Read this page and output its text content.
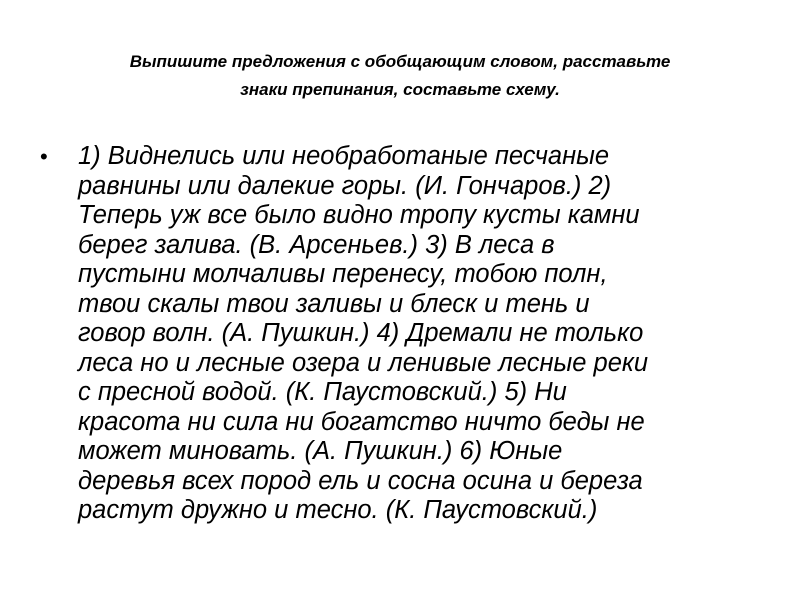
Выпишите предложения с обобщающим словом, расставьте
знаки препинания, составьте схему.
• 1) Виднелись или необработаные песчаные
равнины или далекие горы. (И. Гончаров.) 2)
Теперь уж все было видно тропу кусты камни
берег залива. (В. Арсеньев.) 3) В леса в
пустыни молчаливы перенесу, тобою полн,
твои скалы твои заливы и блеск и тень и
говор волн. (А. Пушкин.) 4) Дремали не только
леса но и лесные озера и ленивые лесные реки
с пресной водой. (К. Паустовский.) 5) Ни
красота ни сила ни богатство ничто беды не
может миновать. (А. Пушкин.) 6) Юные
деревья всех пород ель и сосна осина и береза
растут дружно и тесно. (К. Паустовский.)
